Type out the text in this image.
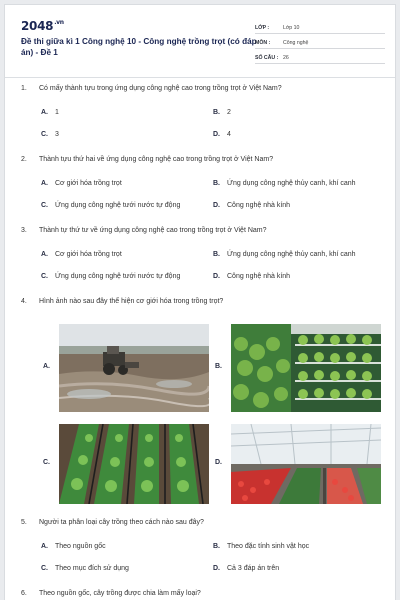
$2048^{.vn}$
Đề thi giữa kì 1 Công nghệ 10 - Công nghệ trồng trọt (có đáp án) - Đề 1
LỚP :	Lớp 10
MÔN :	Công nghệ
SỐ CÂU : 26
1.	Có mấy thành tựu trong ứng dụng công nghệ cao trong trồng trọt ở Việt Nam?
A.	1	B.	2
C.	3	D.	4
2.	Thành tựu thứ hai về ứng dụng công nghệ cao trong trồng trọt ở Việt Nam?
A.	Cơ giới hóa trồng trọt	B.	Ứng dụng công nghệ thủy canh, khí canh
C.	Ứng dụng công nghệ tưới nước tự động	D.	Công nghệ nhà kính
3.	Thành tự thứ tư về ứng dụng công nghệ cao trong trồng trọt ở Việt Nam?
A.	Cơ giới hóa trồng trọt	B.	Ứng dụng công nghệ thủy canh, khí canh
C.	Ứng dụng công nghệ tưới nước tự động	D.	Công nghệ nhà kính
4.	Hình ảnh nào sau đây thể hiện cơ giới hóa trong trồng trọt?
A.	B.
C.	D.
5.	Người ta phân loại cây trồng theo cách nào sau đây?
A.	Theo nguồn gốc	B.	Theo đặc tính sinh vật học
C.	Theo mục đích sử dụng	D.	Cả 3 đáp án trên
6.	Theo nguồn gốc, cây trồng được chia làm mấy loại?
